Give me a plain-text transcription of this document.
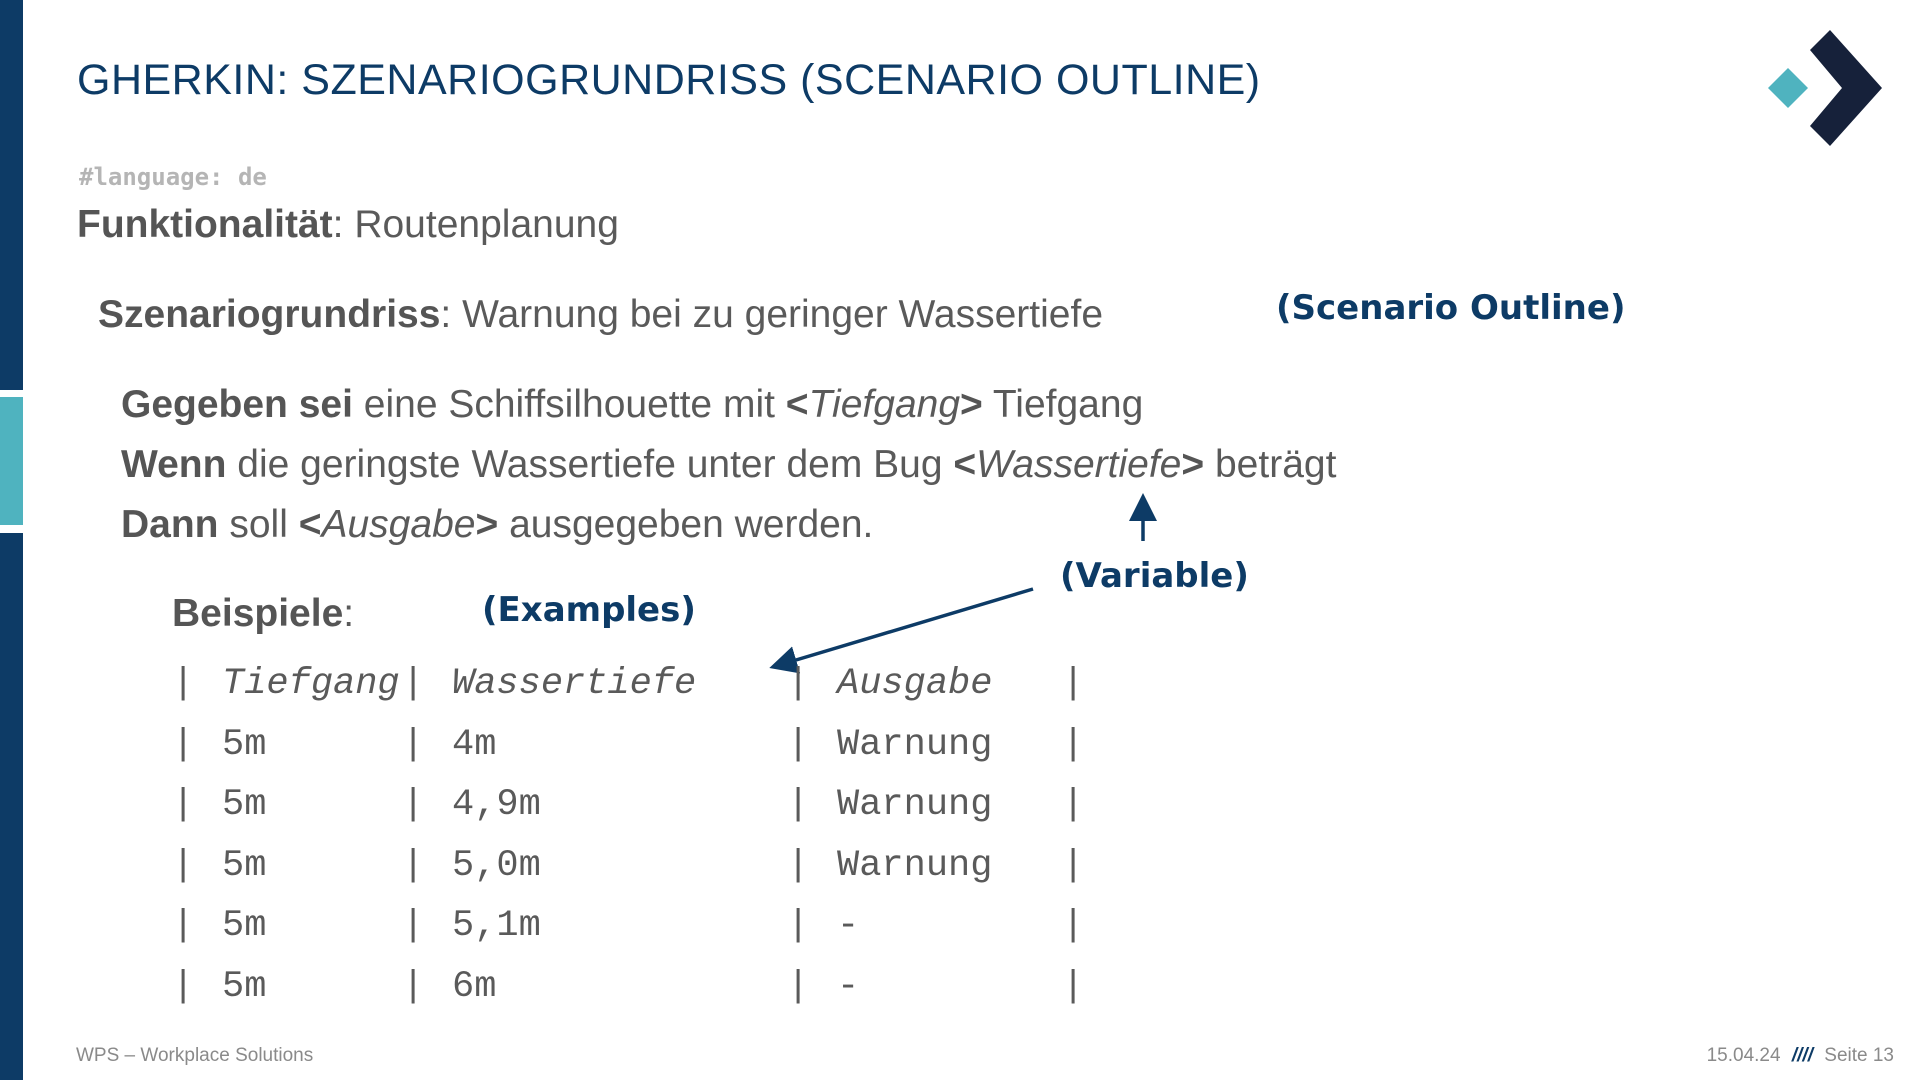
GHERKIN: SZENARIOGRUNDRISS (SCENARIO OUTLINE)
#language: de
Funktionalität: Routenplanung
Szenariogrundriss: Warnung bei zu geringer Wassertiefe	(Scenario Outline)
Gegeben sei eine Schiffsilhouette mit <Tiefgang> Tiefgang
Wenn die geringste Wassertiefe unter dem Bug <Wassertiefe> beträgt
Dann soll <Ausgabe> ausgegeben werden.
(Variable)
Beispiele:	(Examples)
|	Tiefgang	|	Wassertiefe	|	Ausgabe	|
|	5m	|	4m	|	Warnung	|
|	5m	|	4,9m	|	Warnung	|
|	5m	|	5,0m	|	Warnung	|
|	5m	|	5,1m	|	-	|
|	5m	|	6m	|	-	|
WPS – Workplace Solutions	15.04.24 //// Seite 13
